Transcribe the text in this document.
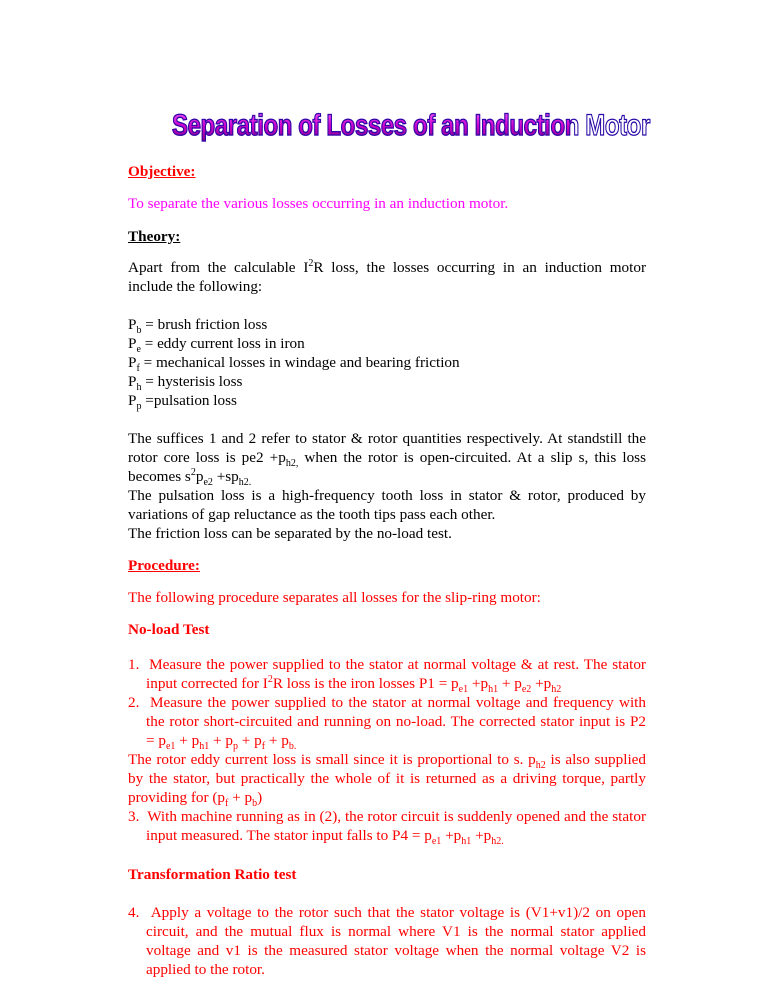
Separation of Losses of an Induction Motor

Objective:

To separate the various losses occurring in an induction motor.

Theory:

Apart from the calculable $I^2R$ loss, the losses occurring in an induction motor include the following:

$P_b$ = brush friction loss

$P_e$ = eddy current loss in iron

$P_f$ = mechanical losses in windage and bearing friction

$P_h$ = hysterisis loss

$P_p$ =pulsation loss

The suffices 1 and 2 refer to stator & rotor quantities respectively. At standstill the rotor core loss is $pe2 +p_{h2,}$ when the rotor is open-circuited. At a slip s, this loss becomes $s^2p_{e2} +sp_{h2.}$

The pulsation loss is a high-frequency tooth loss in stator & rotor, produced by variations of gap reluctance as the tooth tips pass each other.

The friction loss can be separated by the no-load test.

Procedure:

The following procedure separates all losses for the slip-ring motor:

No-load Test

1. Measure the power supplied to the stator at normal voltage & at rest. The stator input corrected for $I^2R$ loss is the iron losses $P1 = p_{e1} +p_{h1} + p_{e2} +p_{h2}$
2. Measure the power supplied to the stator at normal voltage and frequency with the rotor short-circuited and running on no-load. The corrected stator input is $P2 = p_{e1} + p_{h1} + p_p + p_f + p_{b.}$

The rotor eddy current loss is small since it is proportional to s. $p_{h2}$ is also supplied by the stator, but practically the whole of it is returned as a driving torque, partly providing for $(p_f + p_b)$

3. With machine running as in (2), the rotor circuit is suddenly opened and the stator input measured. The stator input falls to $P4 = p_{e1} +p_{h1} +p_{h2.}$

Transformation Ratio test

4. Apply a voltage to the rotor such that the stator voltage is (V1+v1)/2 on open circuit, and the mutual flux is normal where V1 is the normal stator applied voltage and v1 is the measured stator voltage when the normal voltage V2 is applied to the rotor.
